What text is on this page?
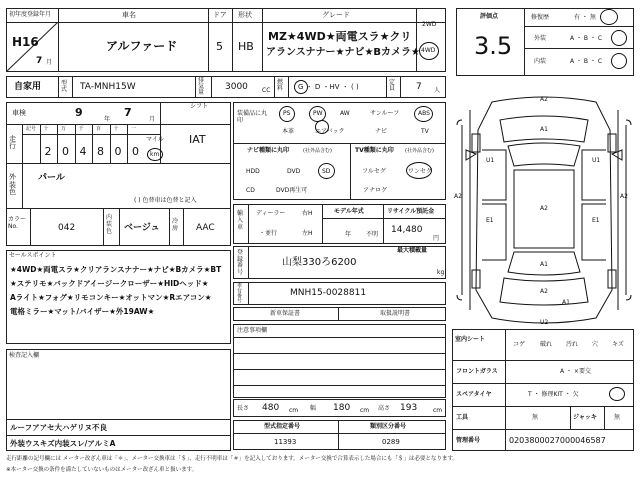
初年度登録年月	車名	ドア 形状	グレード
2WD
H16
7 月
アルファード	5 HB
MZ★4WD★両電スラ★クリ
アランスナナー★ナビ★Bカメラ★ 4WD
自家用	型式	TA-MNH15W
排気量
3000 CC
燃料	G ・ D ・HV ・ ( )
定員	7 人
車検	9
年
7
月
シフト
IAT
走行
記号 十 万 千 百 十 一
2 0 4 8 0 0
マイル
km
外装色
パール
( ) 色替車は色替と記入
カラーNo.	042
内装色	ベージュ
冷房	AAC
セールスポイント
★4WD★両電スラ★クリアランスナナー★ナビ★Bカメラ★BT
★ステリモ★バックドアイージークローザー★HIDヘッド★
Aライト★フォグ★リモコンキー★オットマン★Rエアコン★
電格ミラー★マット/バイザー★外19AW★
検査記入欄
ルーフアアセ大ハゲリヌ不良
外装ウスキズ内装スレ/アルミA
装備品に丸印
PS	PW	AW	サンルーフ	ABS
本革	エアバック	ナビ	TV
ナビ種類に丸印	(社外品含む)
HDD	DVD	SD
CD	DVD再生可
TV種類に丸印 (社外品含む)
フルセグ	ワンセグ
アナログ
輸入車
ディーラー
・並行
右H
左H
モデル年式
年 不明
リサイクル預託金
14,480
円
登録番号
山梨330ろ6200
最大積載量
kg
車台番号
MNH15-0028811
新車保証書	取扱説明書
注意事項欄
長さ 480 cm 幅 180 cm 高さ 193	cm
型式指定番号
11393
類別区分番号
0289
評価点
3.5
修復歴	有 ・ 無
外装	A ・ B ・ C
内装	A ・ B ・ C
A2
A1
A2
A1
U1	U1
E1	E1
A2
A1
U2
A2
A2
室内シート
コゲ 破れ 汚れ 穴 キズ
フロントガラス	A ・ ×要交
スペアタイヤ	T ・ 修理KIT ・ 欠
工具	無	ジャッキ	無
管理番号	0203800027000046587
走行距離の記号欄には メーター改ざん車は「＊」、メーター交換車は「＄」、走行不明車は「＃」を記入しております。メーター交換で合算表示した場合にも「＄」は必要となります。
※本ーター交換の条件を満たしていないものはメーター改ざん車と扱います。
